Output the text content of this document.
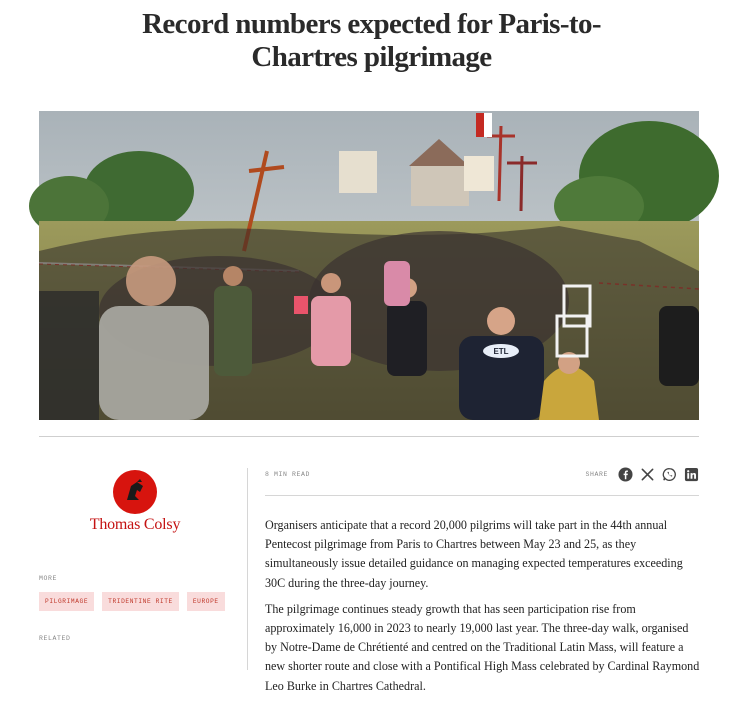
Record numbers expected for Paris-to-
Chartres pilgrimage
ETL
Thomas Colsy
MORE
PILGRIMAGE	TRIDENTINE RITE	EUROPE
RELATED
8 MIN READ	SHARE

Organisers anticipate that a record 20,000 pilgrims will take part in the 44th annual Pentecost pilgrimage from Paris to Chartres between May 23 and 25, as they simultaneously issue detailed guidance on managing expected temperatures exceeding 30C during the three-day journey.

The pilgrimage continues steady growth that has seen participation rise from approximately 16,000 in 2023 to nearly 19,000 last year. The three-day walk, organised by Notre-Dame de Chrétienté and centred on the Traditional Latin Mass, will feature a new shorter route and close with a Pontifical High Mass celebrated by Cardinal Raymond Leo Burke in Chartres Cathedral.
